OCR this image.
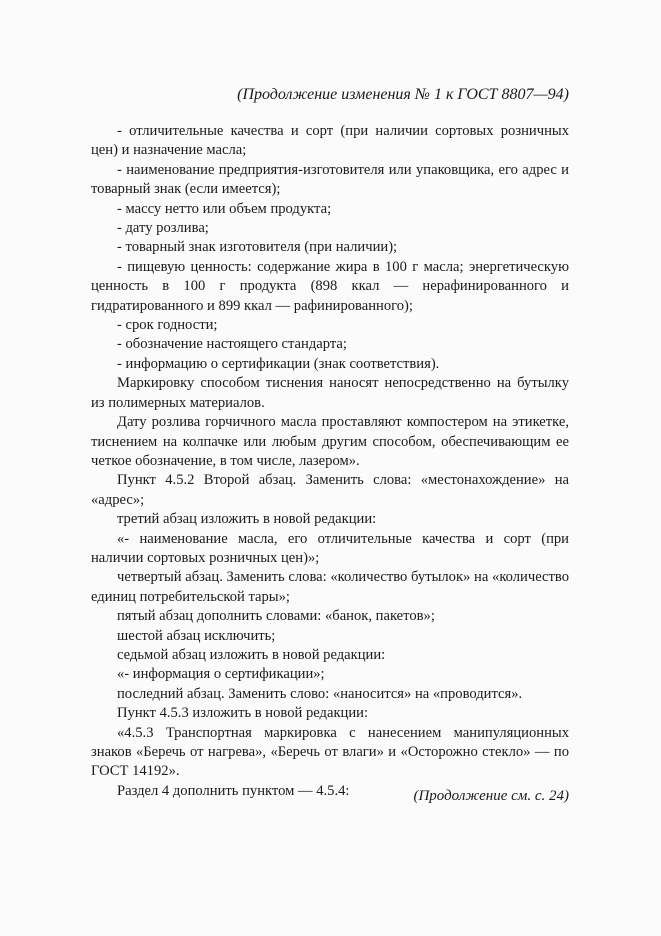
(Продолжение изменения № 1 к ГОСТ 8807—94)

- отличительные качества и сорт (при наличии сортовых розничных цен) и назначение масла;

- наименование предприятия-изготовителя или упаковщика, его адрес и товарный знак (если имеется);

- массу нетто или объем продукта;

- дату розлива;

- товарный знак изготовителя (при наличии);

- пищевую ценность: содержание жира в 100 г масла; энергетическую ценность в 100 г продукта (898 ккал — нерафинированного и гидратированного и 899 ккал — рафинированного);

- срок годности;

- обозначение настоящего стандарта;

- информацию о сертификации (знак соответствия).

Маркировку способом тиснения наносят непосредственно на бутылку из полимерных материалов.

Дату розлива горчичного масла проставляют компостером на этикетке, тиснением на колпачке или любым другим способом, обеспечивающим ее четкое обозначение, в том числе, лазером».

Пункт 4.5.2 Второй абзац. Заменить слова: «местонахождение» на «адрес»;

третий абзац изложить в новой редакции:

«- наименование масла, его отличительные качества и сорт (при наличии сортовых розничных цен)»;

четвертый абзац. Заменить слова: «количество бутылок» на «количество единиц потребительской тары»;

пятый абзац дополнить словами: «банок, пакетов»;

шестой абзац исключить;

седьмой абзац изложить в новой редакции:

«- информация о сертификации»;

последний абзац. Заменить слово: «наносится» на «проводится».

Пункт 4.5.3 изложить в новой редакции:

«4.5.3 Транспортная маркировка с нанесением манипуляционных знаков «Беречь от нагрева», «Беречь от влаги» и «Осторожно стекло» — по ГОСТ 14192».

Раздел 4 дополнить пунктом — 4.5.4:	(Продолжение см. с. 24)
